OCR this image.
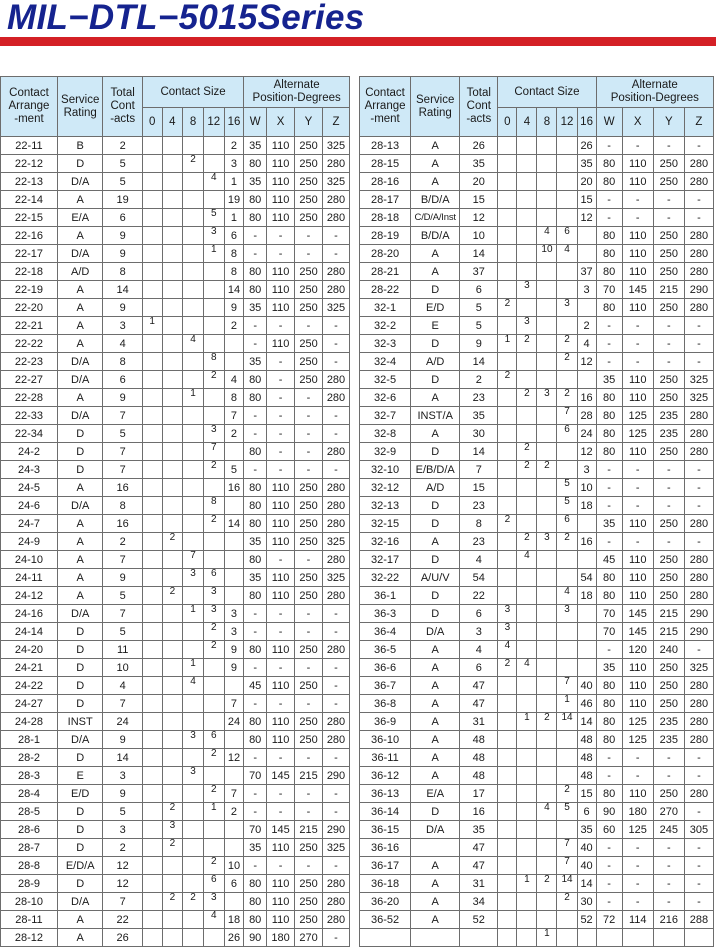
MIL−DTL−5015Series
Contact
Arrange
-ment	Service
Rating	Total
Cont
-acts	Contact Size					Alternate
Position-Degrees			
			0	4	8	12	16	W	X	Y	Z
22-11	B	2					2	35	110	250	325
22-12	D	5			2		3	80	110	250	280
22-13	D/A	5				4	1	35	110	250	325
22-14	A	19					19	80	110	250	280
22-15	E/A	6				5	1	80	110	250	280
22-16	A	9				3	6	-	-	-	-
22-17	D/A	9				1	8	-	-	-	-
22-18	A/D	8					8	80	110	250	280
22-19	A	14					14	80	110	250	280
22-20	A	9					9	35	110	250	325
22-21	A	3	1				2	-	-	-	-
22-22	A	4			4			-	110	250	-
22-23	D/A	8				8		35	-	250	-
22-27	D/A	6				2	4	80	-	250	280
22-28	A	9			1		8	80	-	-	280
22-33	D/A	7					7	-	-	-	-
22-34	D	5				3	2	-	-	-	-
24-2	D	7				7		80	-	-	280
24-3	D	7				2	5	-	-	-	-
24-5	A	16					16	80	110	250	280
24-6	D/A	8				8		80	110	250	280
24-7	A	16				2	14	80	110	250	280
24-9	A	2		2				35	110	250	325
24-10	A	7			7			80	-	-	280
24-11	A	9			3	6		35	110	250	325
24-12	A	5		2		3		80	110	250	280
24-16	D/A	7			1	3	3	-	-	-	-
24-14	D	5				2	3	-	-	-	-
24-20	D	11				2	9	80	110	250	280
24-21	D	10			1		9	-	-	-	-
24-22	D	4			4			45	110	250	-
24-27	D	7					7	-	-	-	-
24-28	INST	24					24	80	110	250	280
28-1	D/A	9			3	6		80	110	250	280
28-2	D	14				2	12	-	-	-	-
28-3	E	3			3			70	145	215	290
28-4	E/D	9				2	7	-	-	-	-
28-5	D	5		2		1	2	-	-	-	-
28-6	D	3		3				70	145	215	290
28-7	D	2		2				35	110	250	325
28-8	E/D/A	12				2	10	-	-	-	-
28-9	D	12				6	6	80	110	250	280
28-10	D/A	7		2	2	3		80	110	250	280
28-11	A	22				4	18	80	110	250	280
28-12	A	26					26	90	180	270	-
Contact
Arrange
-ment	Service
Rating	Total
Cont
-acts	Contact Size					Alternate
Position-Degrees			
			0	4	8	12	16	W	X	Y	Z
28-13	A	26					26	-	-	-	-
28-15	A	35					35	80	110	250	280
28-16	A	20					20	80	110	250	280
28-17	B/D/A	15					15	-	-	-	-
28-18	C/D/A/Inst	12					12	-	-	-	-
28-19	B/D/A	10			4	6		80	110	250	280
28-20	A	14			10	4		80	110	250	280
28-21	A	37					37	80	110	250	280
28-22	D	6		3			3	70	145	215	290
32-1	E/D	5	2			3		80	110	250	280
32-2	E	5		3			2	-	-	-	-
32-3	D	9	1	2		2	4	-	-	-	-
32-4	A/D	14				2	12	-	-	-	-
32-5	D	2	2					35	110	250	325
32-6	A	23		2	3	2	16	80	110	250	325
32-7	INST/A	35				7	28	80	125	235	280
32-8	A	30				6	24	80	125	235	280
32-9	D	14		2			12	80	110	250	280
32-10	E/B/D/A	7		2	2		3	-	-	-	-
32-12	A/D	15				5	10	-	-	-	-
32-13	D	23				5	18	-	-	-	-
32-15	D	8	2			6		35	110	250	280
32-16	A	23		2	3	2	16	-	-	-	-
32-17	D	4		4				45	110	250	280
32-22	A/U/V	54					54	80	110	250	280
36-1	D	22				4	18	80	110	250	280
36-3	D	6	3			3		70	145	215	290
36-4	D/A	3	3					70	145	215	290
36-5	A	4	4					-	120	240	-
36-6	A	6	2	4				35	110	250	325
36-7	A	47				7	40	80	110	250	280
36-8	A	47				1	46	80	110	250	280
36-9	A	31		1	2	14	14	80	125	235	280
36-10	A	48					48	80	125	235	280
36-11	A	48					48	-	-	-	-
36-12	A	48					48	-	-	-	-
36-13	E/A	17				2	15	80	110	250	280
36-14	D	16			4	5	6	90	180	270	-
36-15	D/A	35					35	60	125	245	305
36-16		47				7	40	-	-	-	-
36-17	A	47				7	40	-	-	-	-
36-18	A	31		1	2	14	14	-	-	-	-
36-20	A	34				2	30	-	-	-	-
36-52	A	52					52	72	114	216	288
					1						
